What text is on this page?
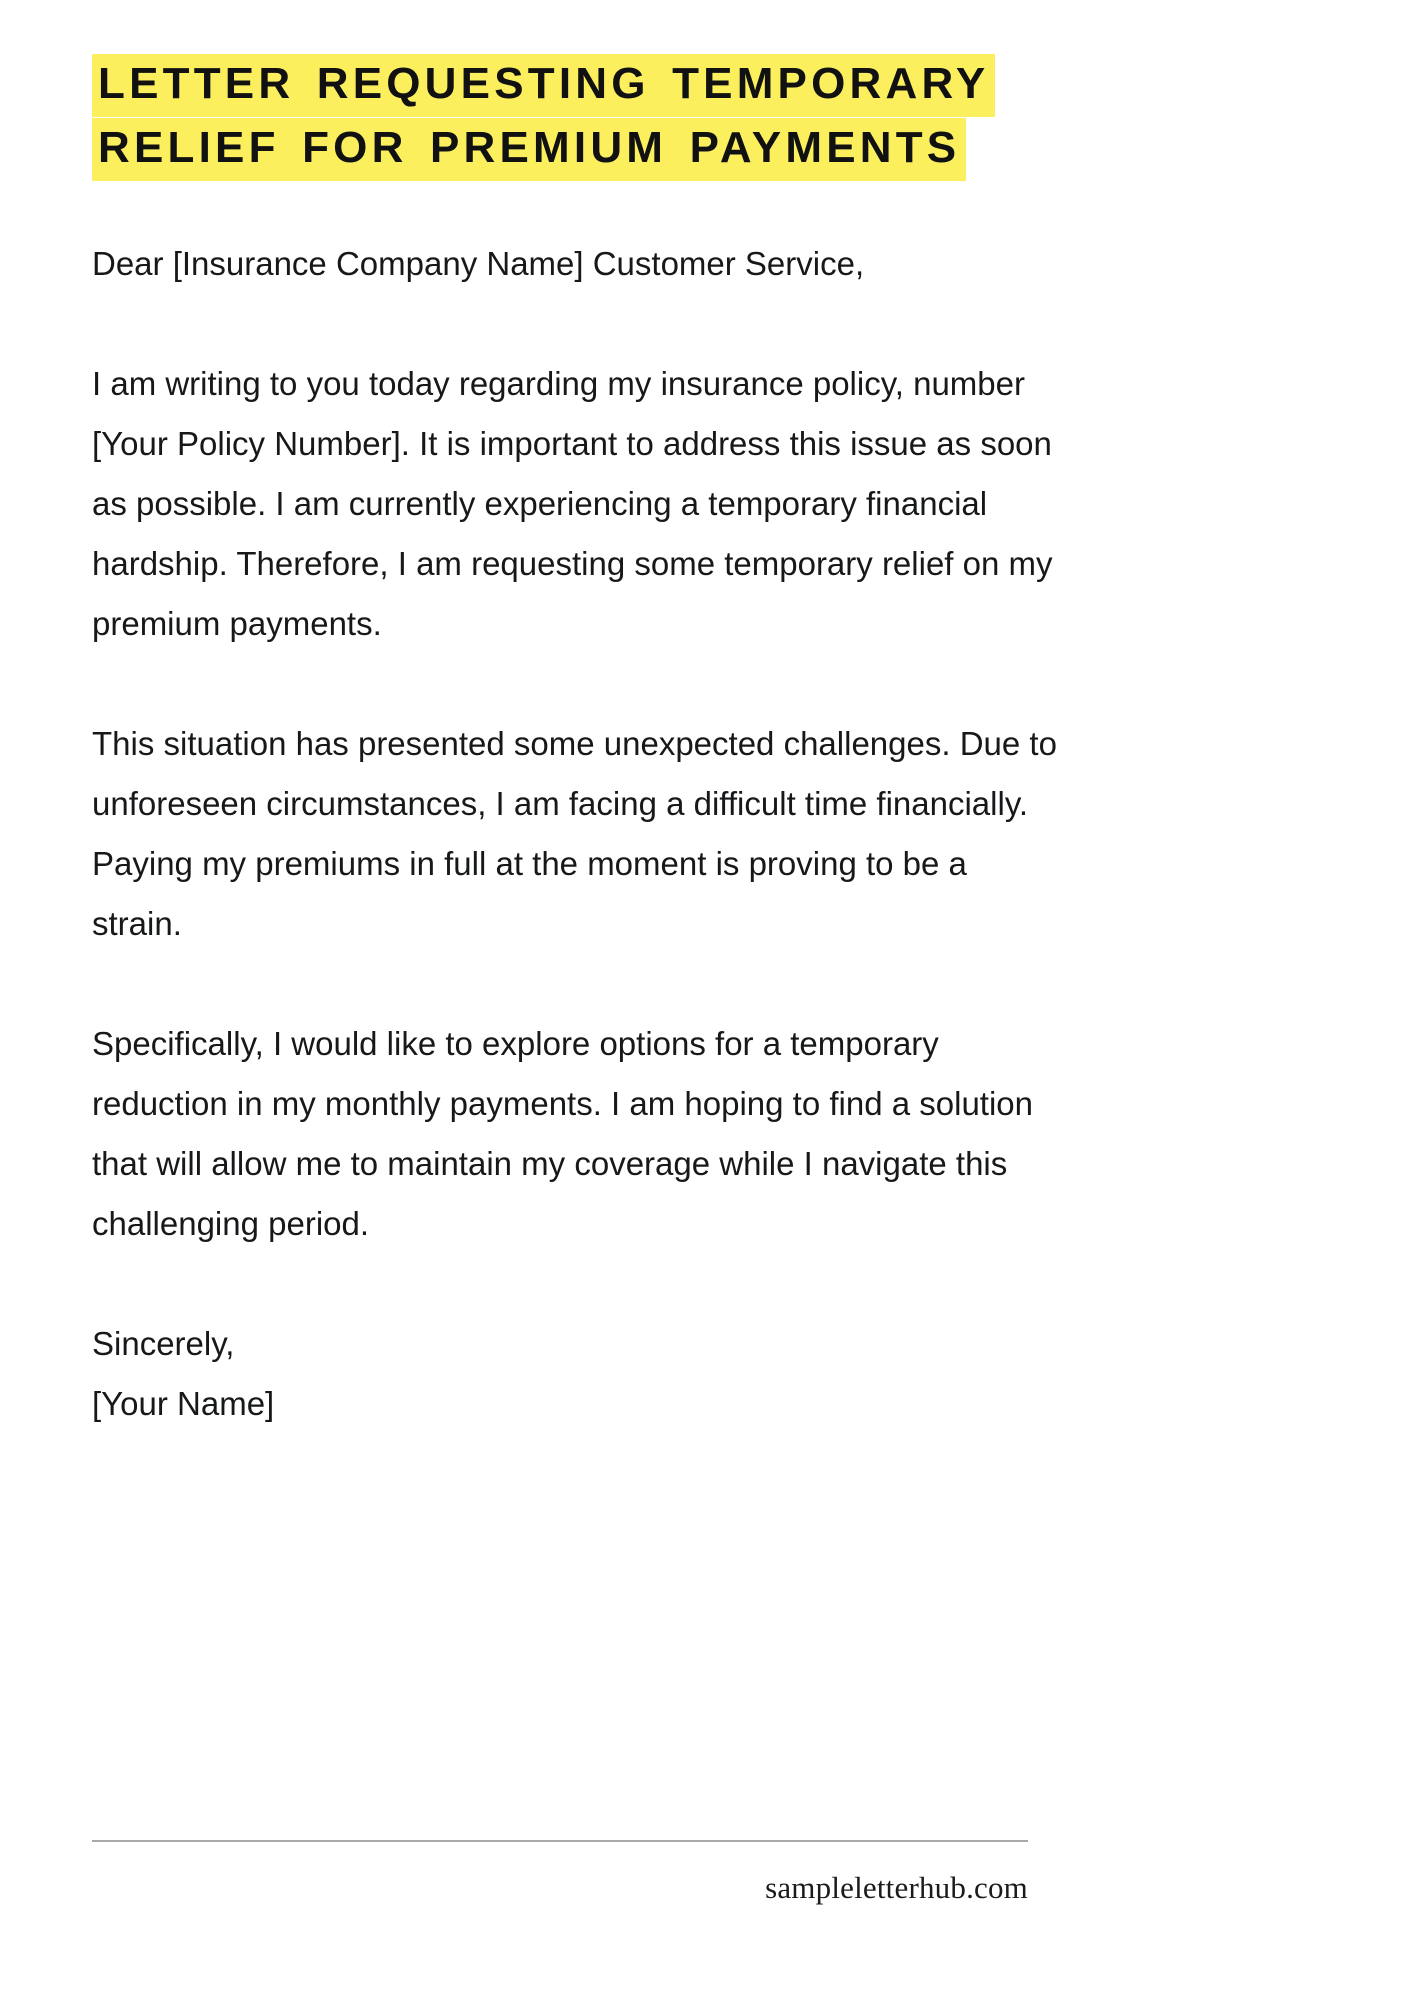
LETTER REQUESTING TEMPORARY
RELIEF FOR PREMIUM PAYMENTS

Dear [Insurance Company Name] Customer Service,

I am writing to you today regarding my insurance policy, number [Your Policy Number]. It is important to address this issue as soon as possible. I am currently experiencing a temporary financial hardship. Therefore, I am requesting some temporary relief on my premium payments.

This situation has presented some unexpected challenges. Due to unforeseen circumstances, I am facing a difficult time financially. Paying my premiums in full at the moment is proving to be a strain.

Specifically, I would like to explore options for a temporary reduction in my monthly payments. I am hoping to find a solution that will allow me to maintain my coverage while I navigate this challenging period.

Sincerely,

[Your Name]

sampleletterhub.com
